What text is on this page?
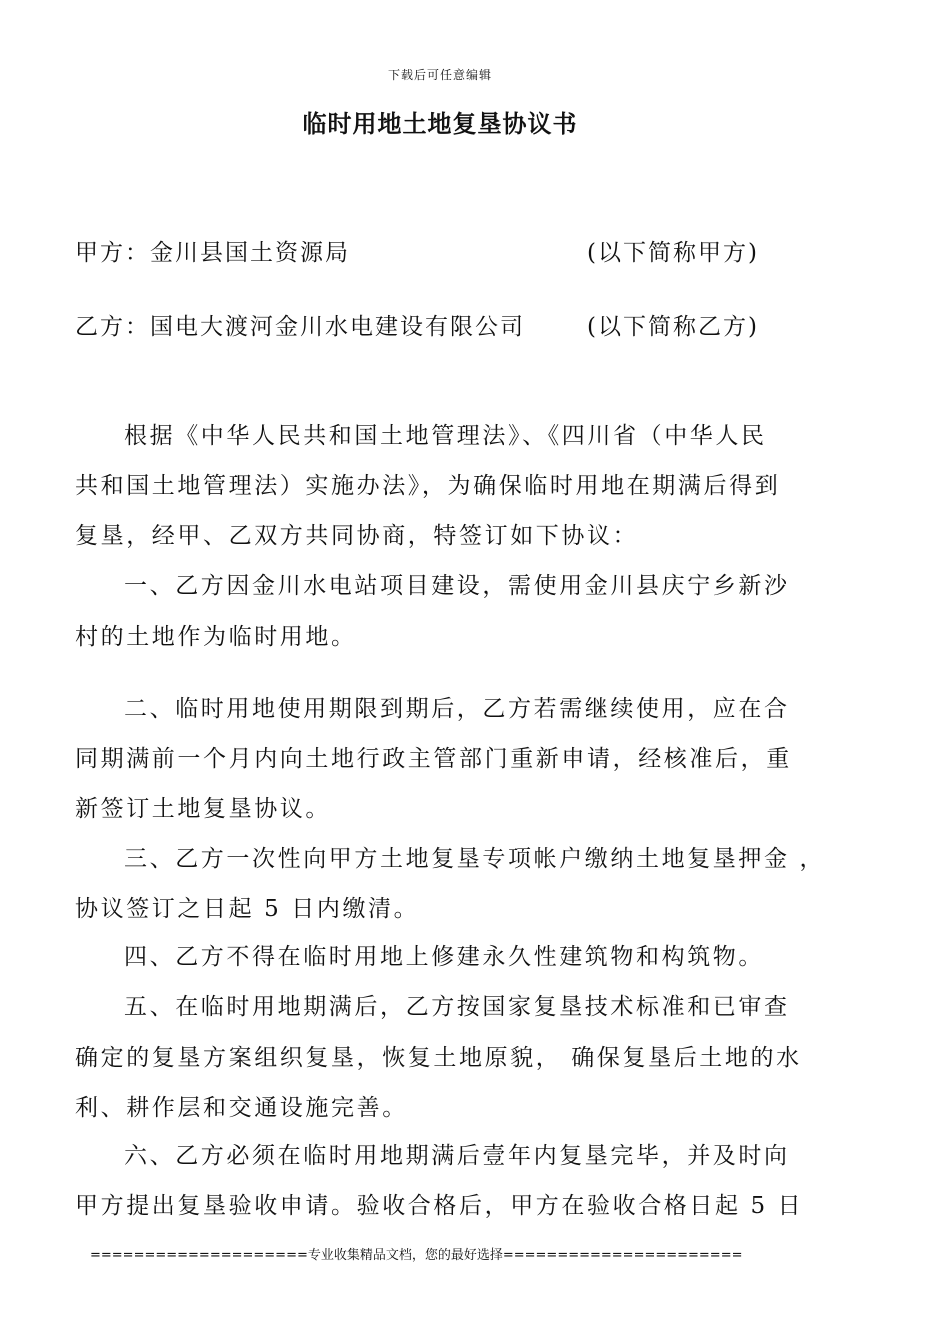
下载后可任意编辑
临时用地土地复垦协议书
甲方：金川县国土资源局	(以下简称甲方)
乙方：国电大渡河金川水电建设有限公司	(以下简称乙方)
根据《中华人民共和国土地管理法》、《四川省（中华人民
共和国土地管理法）实施办法》，为确保临时用地在期满后得到
复垦，经甲、乙双方共同协商，特签订如下协议：
一、乙方因金川水电站项目建设，需使用金川县庆宁乡新沙
村的土地作为临时用地。
二、临时用地使用期限到期后，乙方若需继续使用，应在合
同期满前一个月内向土地行政主管部门重新申请，经核准后，重
新签订土地复垦协议。
三、乙方一次性向甲方土地复垦专项帐户缴纳土地复垦押金 ，
协议签订之日起 5 日内缴清。
四、乙方不得在临时用地上修建永久性建筑物和构筑物。
五、在临时用地期满后，乙方按国家复垦技术标准和已审查
确定的复垦方案组织复垦，恢复土地原貌， 确保复垦后土地的水
利、耕作层和交通设施完善。
六、乙方必须在临时用地期满后壹年内复垦完毕，并及时向
甲方提出复垦验收申请。验收合格后，甲方在验收合格日起 5 日
====================专业收集精品文档，您的最好选择======================
